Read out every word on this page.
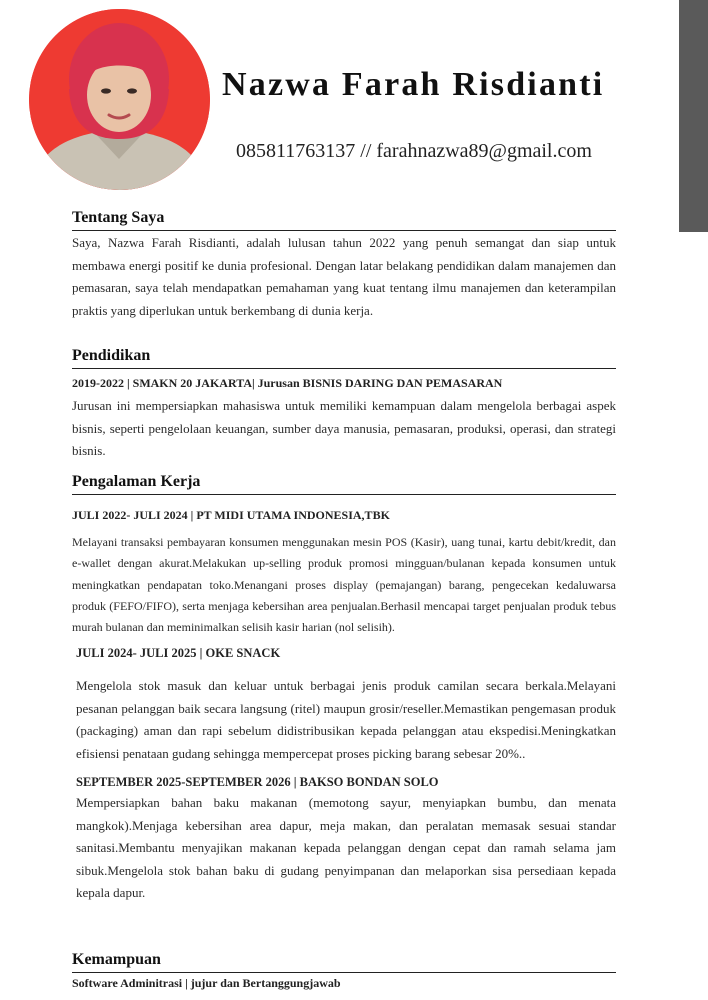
Nazwa Farah Risdianti
085811763137 // farahnazwa89@gmail.com
Tentang Saya

Saya, Nazwa Farah Risdianti, adalah lulusan tahun 2022 yang penuh semangat dan siap untuk membawa energi positif ke dunia profesional. Dengan latar belakang pendidikan dalam manajemen dan pemasaran, saya telah mendapatkan pemahaman yang kuat tentang ilmu manajemen dan keterampilan praktis yang diperlukan untuk berkembang di dunia kerja.

Pendidikan
2019-2022 | SMAKN 20 JAKARTA| Jurusan BISNIS DARING DAN PEMASARAN

Jurusan ini mempersiapkan mahasiswa untuk memiliki kemampuan dalam mengelola berbagai aspek bisnis, seperti pengelolaan keuangan, sumber daya manusia, pemasaran, produksi, operasi, dan strategi bisnis.

Pengalaman Kerja
JULI 2022- JULI 2024 | PT MIDI UTAMA INDONESIA,TBK

Melayani transaksi pembayaran konsumen menggunakan mesin POS (Kasir), uang tunai, kartu debit/kredit, dan e-wallet dengan akurat.Melakukan up-selling produk promosi mingguan/bulanan kepada konsumen untuk meningkatkan pendapatan toko.Menangani proses display (pemajangan) barang, pengecekan kedaluwarsa produk (FEFO/FIFO), serta menjaga kebersihan area penjualan.Berhasil mencapai target penjualan produk tebus murah bulanan dan meminimalkan selisih kasir harian (nol selisih).

JULI 2024- JULI 2025 | OKE SNACK

Mengelola stok masuk dan keluar untuk berbagai jenis produk camilan secara berkala.Melayani pesanan pelanggan baik secara langsung (ritel) maupun grosir/reseller.Memastikan pengemasan produk (packaging) aman dan rapi sebelum didistribusikan kepada pelanggan atau ekspedisi.Meningkatkan efisiensi penataan gudang sehingga mempercepat proses picking barang sebesar 20%..

SEPTEMBER 2025-SEPTEMBER 2026 | BAKSO BONDAN SOLO

Mempersiapkan bahan baku makanan (memotong sayur, menyiapkan bumbu, dan menata mangkok).Menjaga kebersihan area dapur, meja makan, dan peralatan memasak sesuai standar sanitasi.Membantu menyajikan makanan kepada pelanggan dengan cepat dan ramah selama jam sibuk.Mengelola stok bahan baku di gudang penyimpanan dan melaporkan sisa persediaan kepada kepala dapur.

Kemampuan
Software Adminitrasi | jujur dan Bertanggungjawab
